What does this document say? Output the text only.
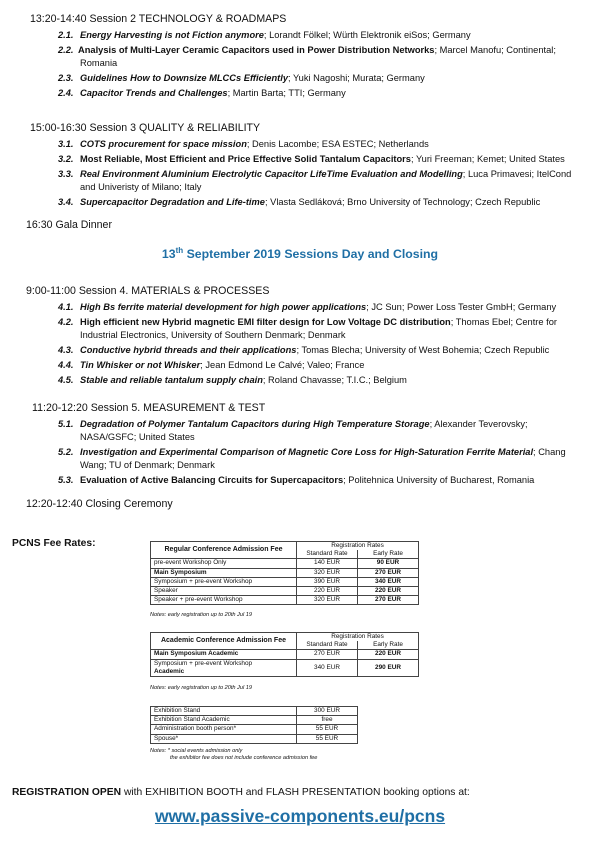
13:20-14:40 Session 2 TECHNOLOGY & ROADMAPS
2.1. Energy Harvesting is not Fiction anymore; Lorandt Fölkel; Würth Elektronik eiSos; Germany
2.2. Analysis of Multi-Layer Ceramic Capacitors used in Power Distribution Networks; Marcel Manofu; Continental; Romania
2.3. Guidelines How to Downsize MLCCs Efficiently; Yuki Nagoshi; Murata; Germany
2.4. Capacitor Trends and Challenges; Martin Barta; TTI; Germany
15:00-16:30 Session 3 QUALITY & RELIABILITY
3.1. COTS procurement for space mission; Denis Lacombe; ESA ESTEC; Netherlands
3.2. Most Reliable, Most Efficient and Price Effective Solid Tantalum Capacitors; Yuri Freeman; Kemet; United States
3.3. Real Environment Aluminium Electrolytic Capacitor LifeTime Evaluation and Modelling; Luca Primavesi; ItelCond and Univeristy of Milano; Italy
3.4. Supercapacitor Degradation and Life-time; Vlasta Sedláková; Brno University of Technology; Czech Republic
16:30 Gala Dinner
13th September 2019 Sessions Day and Closing
9:00-11:00 Session 4. MATERIALS & PROCESSES
4.1. High Bs ferrite material development for high power applications; JC Sun; Power Loss Tester GmbH; Germany
4.2. High efficient new Hybrid magnetic EMI filter design for Low Voltage DC distribution; Thomas Ebel; Centre for Industrial Electronics, University of Southern Denmark; Denmark
4.3. Conductive hybrid threads and their applications; Tomas Blecha; University of West Bohemia; Czech Republic
4.4. Tin Whisker or not Whisker; Jean Edmond Le Calvé; Valeo; France
4.5. Stable and reliable tantalum supply chain; Roland Chavasse; T.I.C.; Belgium
11:20-12:20 Session 5. MEASUREMENT & TEST
5.1. Degradation of Polymer Tantalum Capacitors during High Temperature Storage; Alexander Teverovsky; NASA/GSFC; United States
5.2. Investigation and Experimental Comparison of Magnetic Core Loss for High-Saturation Ferrite Material; Chang Wang; TU of Denmark; Denmark
5.3. Evaluation of Active Balancing Circuits for Supercapacitors; Politehnica University of Bucharest, Romania
12:20-12:40 Closing Ceremony
PCNS Fee Rates:
Regular Conference Admission Fee	Registration Rates	
	Standard Rate	Early Rate
pre-event Workshop Only	140 EUR	90 EUR
Main Symposium	320 EUR	270 EUR
Symposium + pre-event Workshop	390 EUR	340 EUR
Speaker	220 EUR	220 EUR
Speaker + pre-event Workshop	320 EUR	270 EUR
Notes: early registration up to 20th Jul 19
Academic Conference Admission Fee	Registration Rates	
	Standard Rate	Early Rate
Main Symposium Academic	270 EUR	220 EUR
Symposium + pre-event Workshop
Academic	340 EUR	290 EUR
Notes: early registration up to 20th Jul 19
Exhibition Stand	300 EUR
Exhibition Stand Academic	free
Administration booth person*	55 EUR
Spouse*	55 EUR
Notes: * social events admission only
the exhibitor fee does not include conference admission fee
REGISTRATION OPEN with EXHIBITION BOOTH and FLASH PRESENTATION booking options at:
www.passive-components.eu/pcns
